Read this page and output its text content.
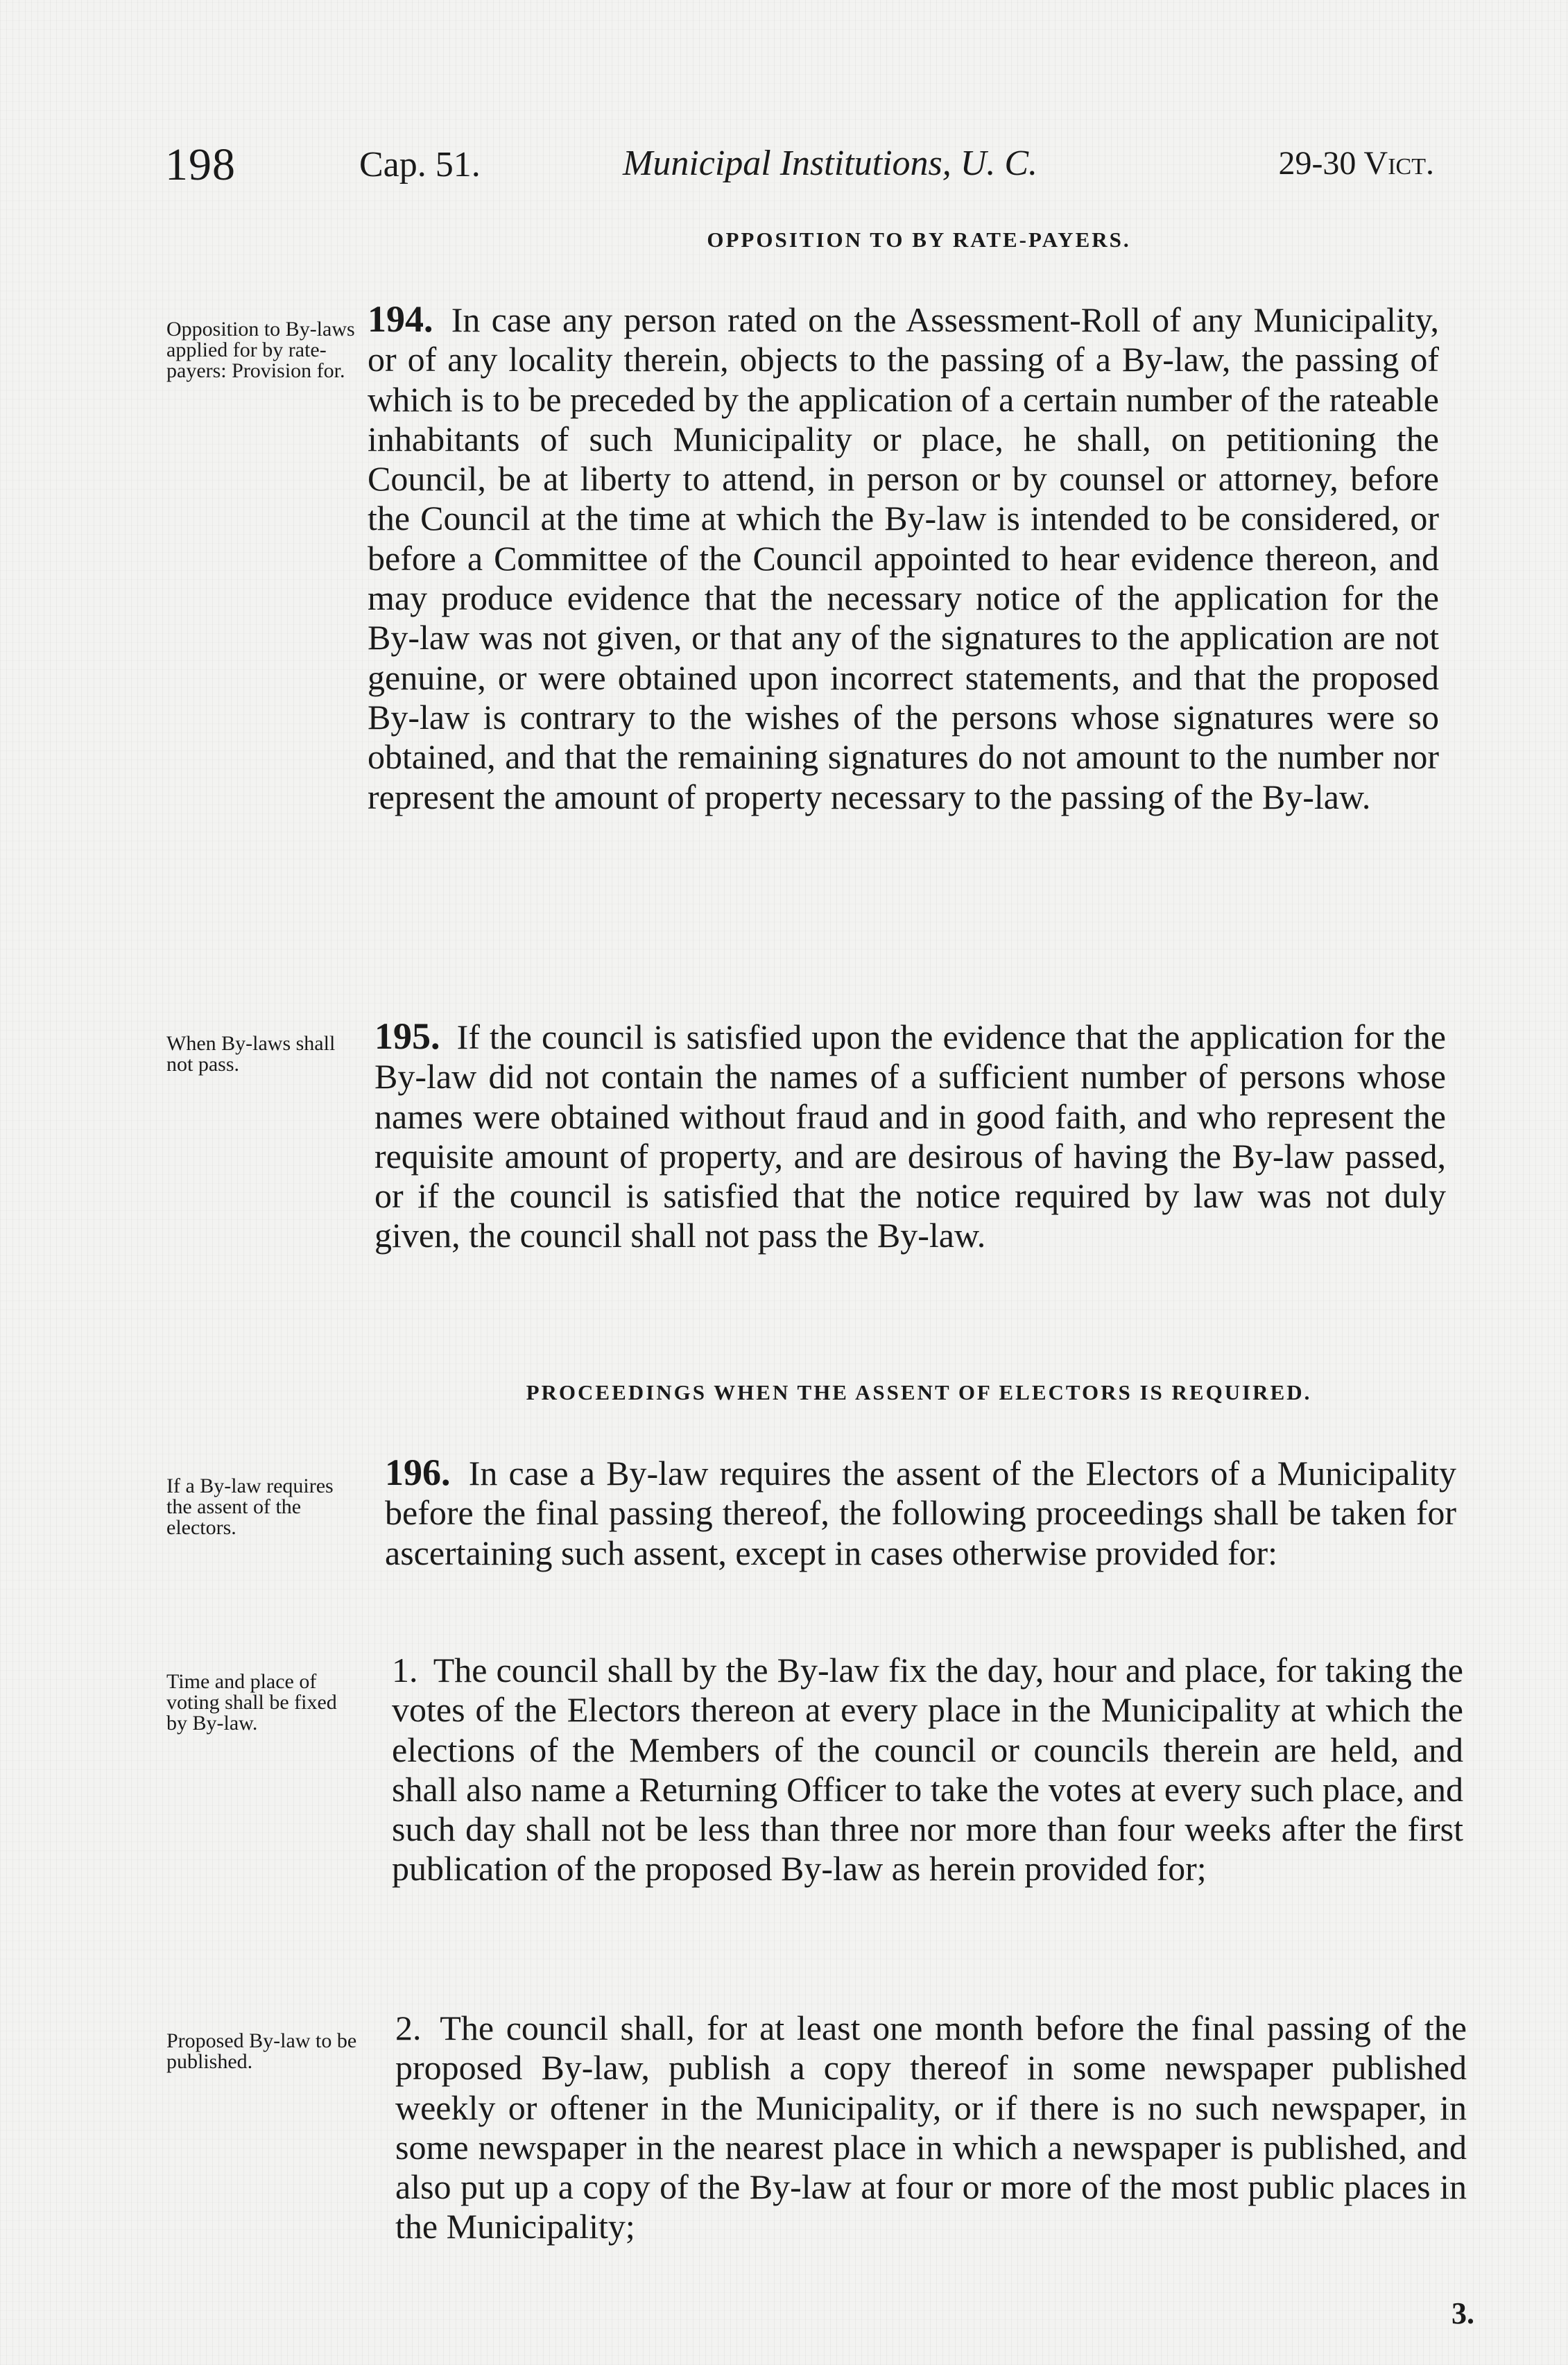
198	Cap. 51.	Municipal Institutions, U. C.	29-30 Vict.
OPPOSITION TO BY RATE-PAYERS.
Opposition to By-laws applied for by rate-payers: Provision for.
194. In case any person rated on the Assessment-Roll of any Municipality, or of any locality therein, objects to the passing of a By-law, the passing of which is to be preceded by the application of a certain number of the rateable inhabitants of such Municipality or place, he shall, on petitioning the Council, be at liberty to attend, in person or by counsel or attorney, before the Council at the time at which the By-law is intended to be considered, or before a Committee of the Council appointed to hear evidence thereon, and may produce evidence that the necessary notice of the application for the By-law was not given, or that any of the signatures to the application are not genuine, or were obtained upon incorrect statements, and that the proposed By-law is contrary to the wishes of the persons whose signatures were so obtained, and that the remaining signatures do not amount to the number nor represent the amount of property necessary to the passing of the By-law.
When By-laws shall not pass.
195. If the council is satisfied upon the evidence that the application for the By-law did not contain the names of a sufficient number of persons whose names were obtained without fraud and in good faith, and who represent the requisite amount of property, and are desirous of having the By-law passed, or if the council is satisfied that the notice required by law was not duly given, the council shall not pass the By-law.
PROCEEDINGS WHEN THE ASSENT OF ELECTORS IS REQUIRED.
If a By-law requires the assent of the electors.
196. In case a By-law requires the assent of the Electors of a Municipality before the final passing thereof, the following proceedings shall be taken for ascertaining such assent, except in cases otherwise provided for:
Time and place of voting shall be fixed by By-law.
1. The council shall by the By-law fix the day, hour and place, for taking the votes of the Electors thereon at every place in the Municipality at which the elections of the Members of the council or councils therein are held, and shall also name a Returning Officer to take the votes at every such place, and such day shall not be less than three nor more than four weeks after the first publication of the proposed By-law as herein provided for;
Proposed By-law to be published.
2. The council shall, for at least one month before the final passing of the proposed By-law, publish a copy thereof in some newspaper published weekly or oftener in the Municipality, or if there is no such newspaper, in some newspaper in the nearest place in which a newspaper is published, and also put up a copy of the By-law at four or more of the most public places in the Municipality;
3.
